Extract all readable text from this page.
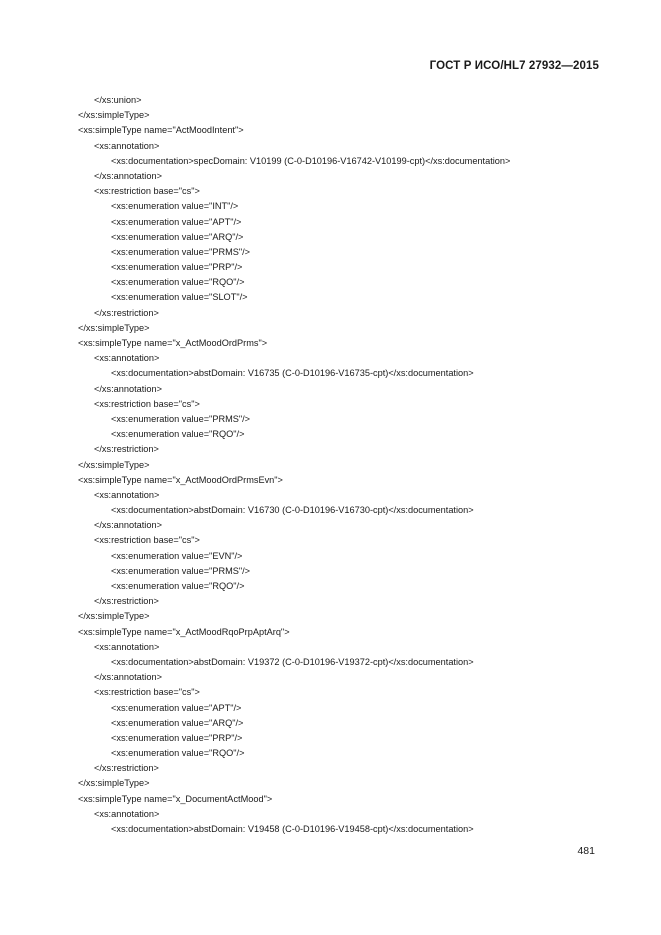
ГОСТ Р ИСО/HL7 27932—2015
</xs:union>
</xs:simpleType>
<xs:simpleType name="ActMoodIntent">
<xs:annotation>
<xs:documentation>specDomain: V10199 (C-0-D10196-V16742-V10199-cpt)</xs:documentation>
</xs:annotation>
<xs:restriction base="cs">
<xs:enumeration value="INT"/>
<xs:enumeration value="APT"/>
<xs:enumeration value="ARQ"/>
<xs:enumeration value="PRMS"/>
<xs:enumeration value="PRP"/>
<xs:enumeration value="RQO"/>
<xs:enumeration value="SLOT"/>
</xs:restriction>
</xs:simpleType>
<xs:simpleType name="x_ActMoodOrdPrms">
<xs:annotation>
<xs:documentation>abstDomain: V16735 (C-0-D10196-V16735-cpt)</xs:documentation>
</xs:annotation>
<xs:restriction base="cs">
<xs:enumeration value="PRMS"/>
<xs:enumeration value="RQO"/>
</xs:restriction>
</xs:simpleType>
<xs:simpleType name="x_ActMoodOrdPrmsEvn">
<xs:annotation>
<xs:documentation>abstDomain: V16730 (C-0-D10196-V16730-cpt)</xs:documentation>
</xs:annotation>
<xs:restriction base="cs">
<xs:enumeration value="EVN"/>
<xs:enumeration value="PRMS"/>
<xs:enumeration value="RQO"/>
</xs:restriction>
</xs:simpleType>
<xs:simpleType name="x_ActMoodRqoPrpAptArq">
<xs:annotation>
<xs:documentation>abstDomain: V19372 (C-0-D10196-V19372-cpt)</xs:documentation>
</xs:annotation>
<xs:restriction base="cs">
<xs:enumeration value="APT"/>
<xs:enumeration value="ARQ"/>
<xs:enumeration value="PRP"/>
<xs:enumeration value="RQO"/>
</xs:restriction>
</xs:simpleType>
<xs:simpleType name="x_DocumentActMood">
<xs:annotation>
<xs:documentation>abstDomain: V19458 (C-0-D10196-V19458-cpt)</xs:documentation>
481
